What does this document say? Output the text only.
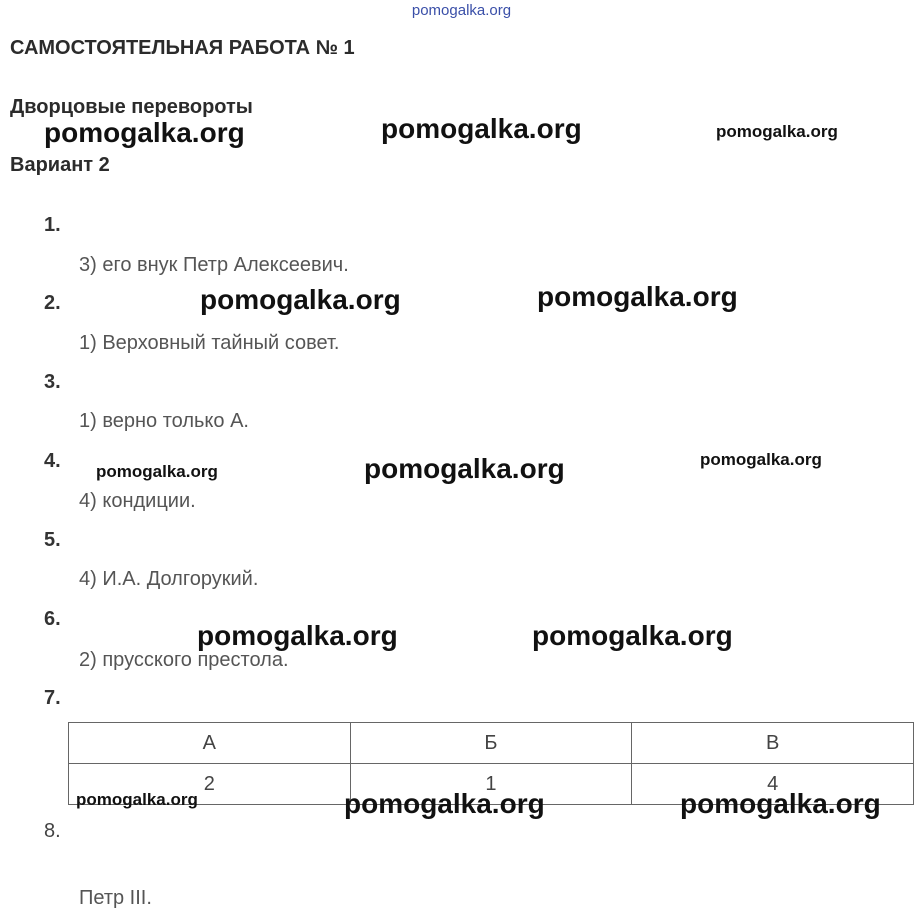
pomogalka.org
САМОСТОЯТЕЛЬНАЯ РАБОТА № 1
Дворцовые перевороты
Вариант 2
1.
3) его внук Петр Алексеевич.
2.
1) Верховный тайный совет.
3.
1) верно только А.
4.
4) кондиции.
5.
4) И.А. Долгорукий.
6.
2) прусского престола.
7.
А	Б	В
2	1	4
8.
Петр III.
pomogalka.org	pomogalka.org	pomogalka.org
pomogalka.org	pomogalka.org
pomogalka.org	pomogalka.org	pomogalka.org
pomogalka.org	pomogalka.org
pomogalka.org	pomogalka.org	pomogalka.org
